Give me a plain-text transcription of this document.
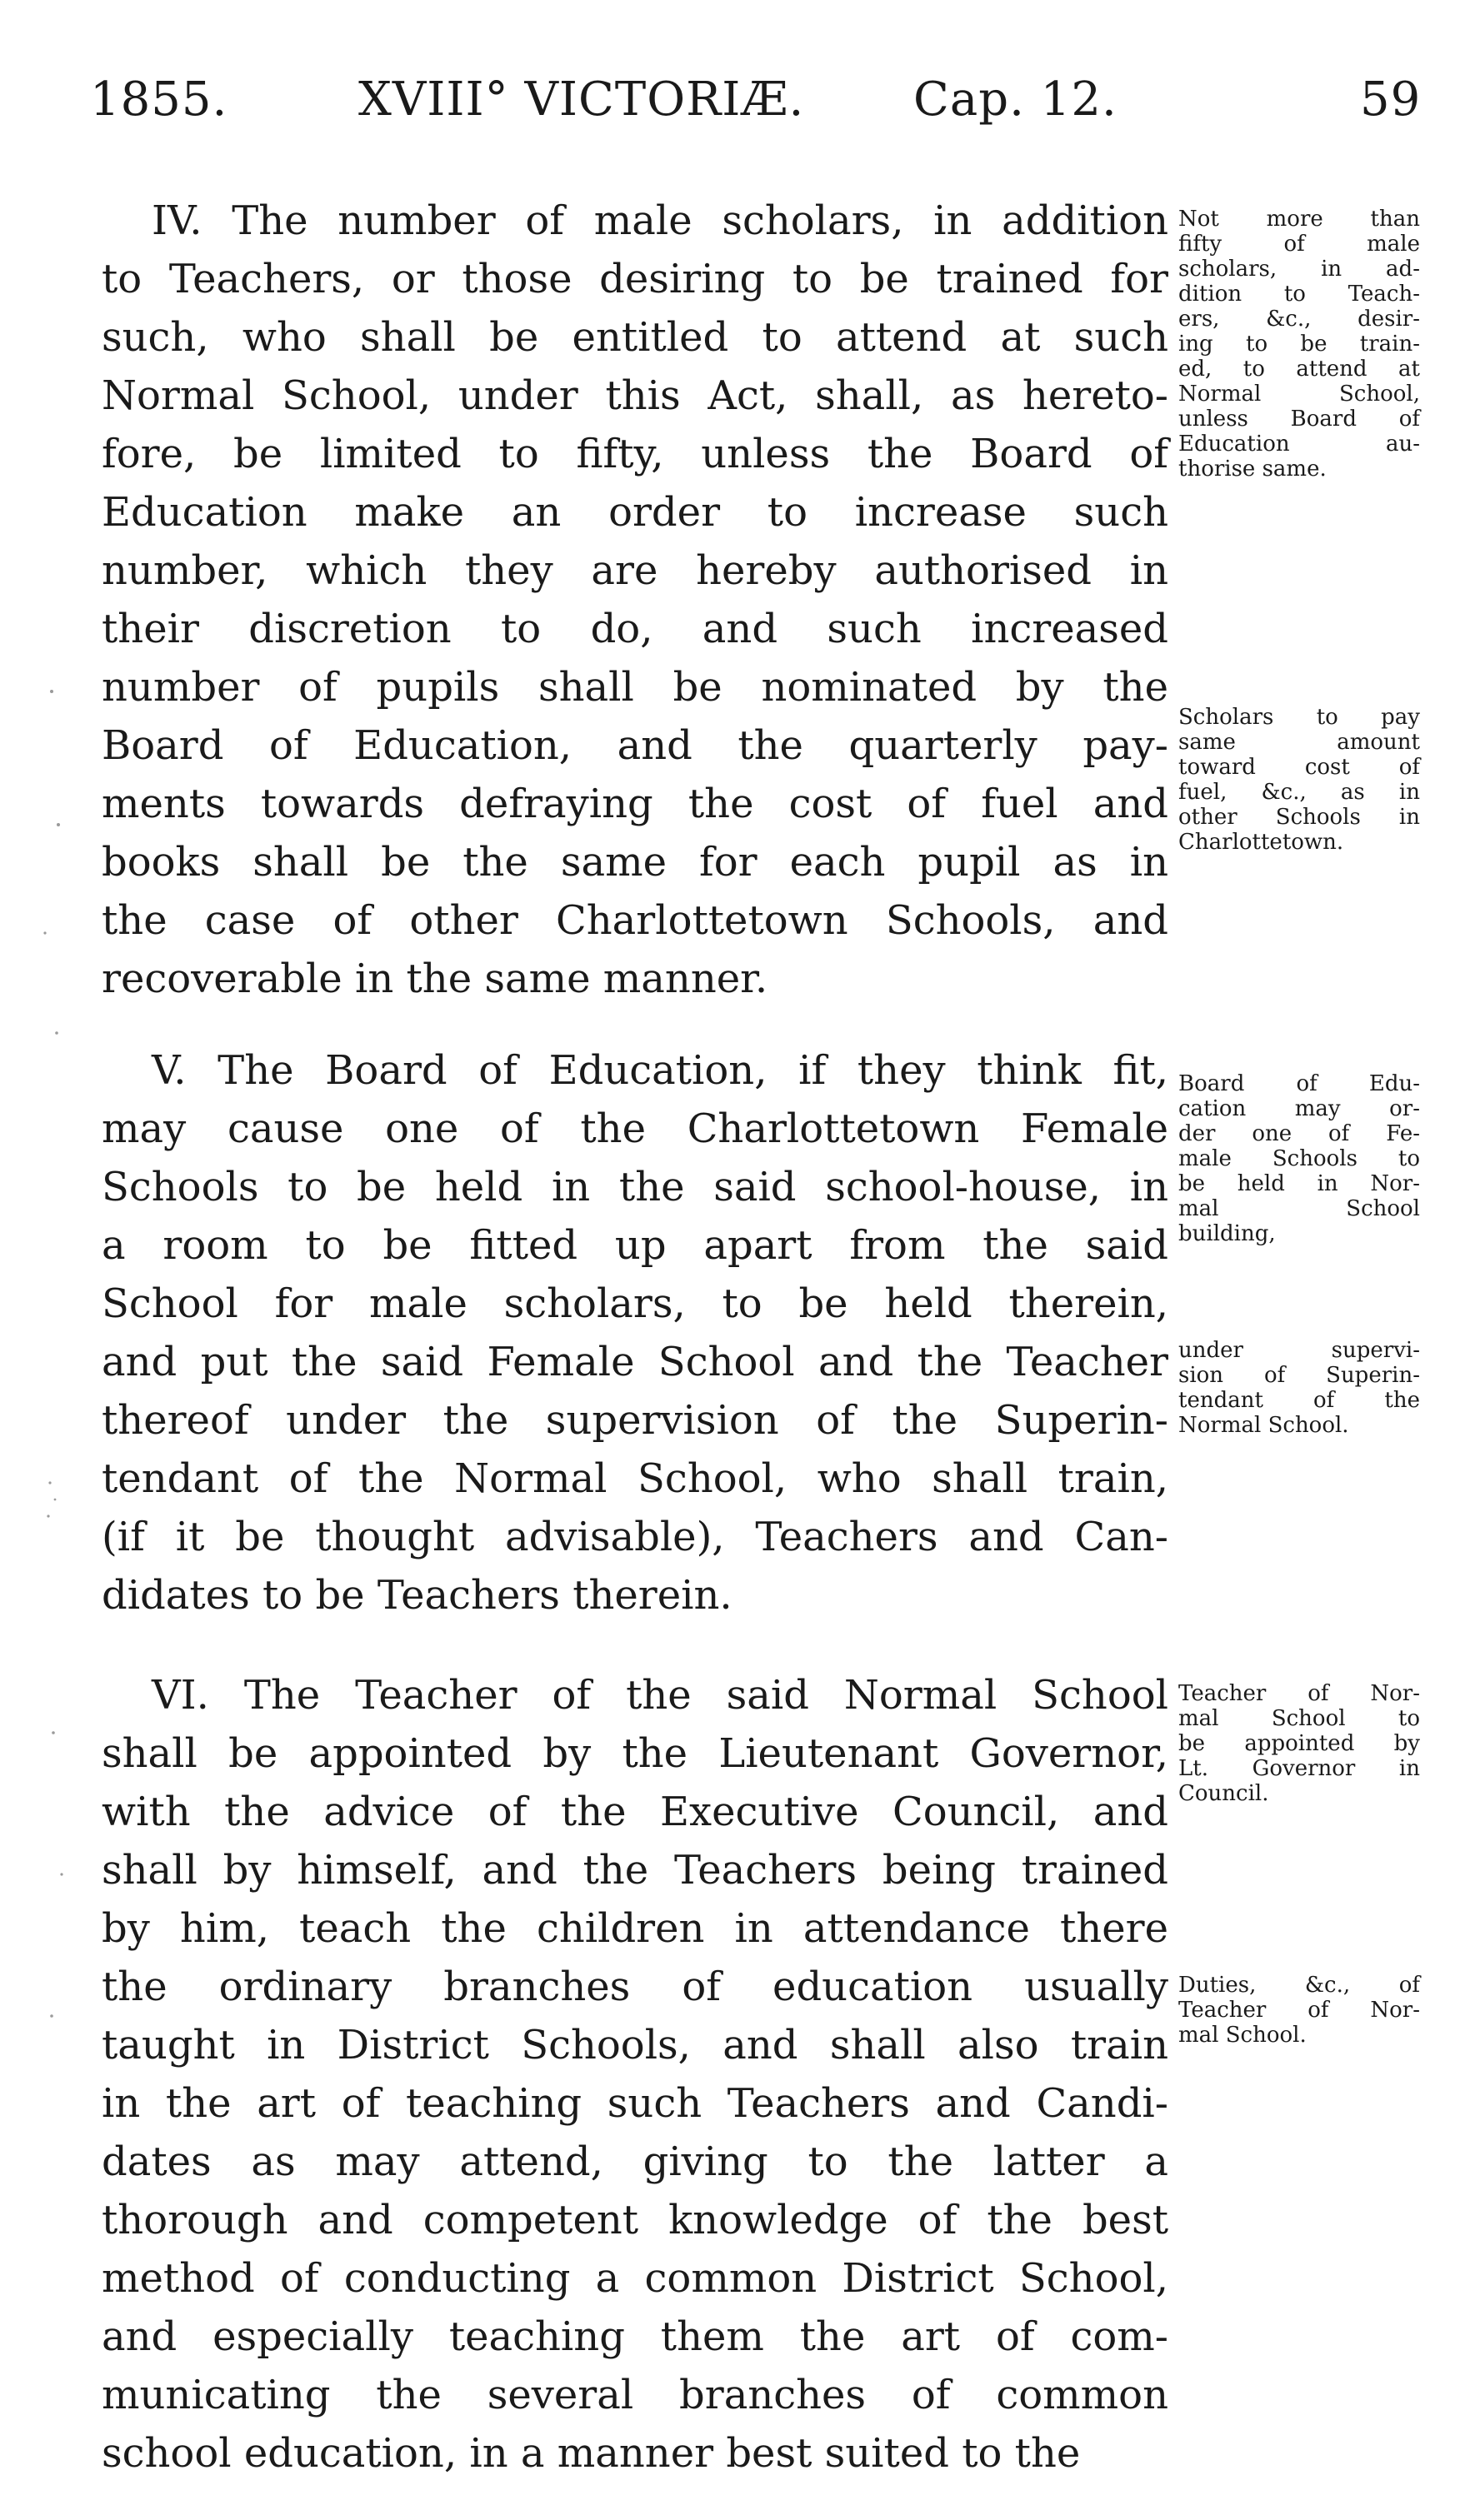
1855.	XVIII° VICTORIÆ. Cap. 12.	59
IV. The number of male scholars, in addition
to Teachers, or those desiring to be trained for
such, who shall be entitled to attend at such
Normal School, under this Act, shall, as hereto-
fore, be limited to fifty, unless the Board of
Education make an order to increase such
number, which they are hereby authorised in
their discretion to do, and such increased
number of pupils shall be nominated by the
Board of Education, and the quarterly pay-
ments towards defraying the cost of fuel and
books shall be the same for each pupil as in
the case of other Charlottetown Schools, and
recoverable in the same manner.
Not more than
fifty of male
scholars, in ad-
dition to Teach-
ers, &c., desir-
ing to be train-
ed, to attend at
Normal School,
unless Board of
Education au-
thorise same.
Scholars to pay
same amount
toward cost of
fuel, &c., as in
other Schools in
Charlottetown.
V. The Board of Education, if they think fit,
may cause one of the Charlottetown Female
Schools to be held in the said school-house, in
a room to be fitted up apart from the said
School for male scholars, to be held therein,
and put the said Female School and the Teacher
thereof under the supervision of the Superin-
tendant of the Normal School, who shall train,
(if it be thought advisable), Teachers and Can-
didates to be Teachers therein.
Board of Edu-
cation may or-
der one of Fe-
male Schools to
be held in Nor-
mal School
building,
under supervi-
sion of Superin-
tendant of the
Normal School.
VI. The Teacher of the said Normal School
shall be appointed by the Lieutenant Governor,
with the advice of the Executive Council, and
shall by himself, and the Teachers being trained
by him, teach the children in attendance there
the ordinary branches of education usually
taught in District Schools, and shall also train
in the art of teaching such Teachers and Candi-
dates as may attend, giving to the latter a
thorough and competent knowledge of the best
method of conducting a common District School,
and especially teaching them the art of com-
municating the several branches of common
school education, in a manner best suited to the
Teacher of Nor-
mal School to
be appointed by
Lt. Governor in
Council.
Duties, &c., of
Teacher of Nor-
mal School.
